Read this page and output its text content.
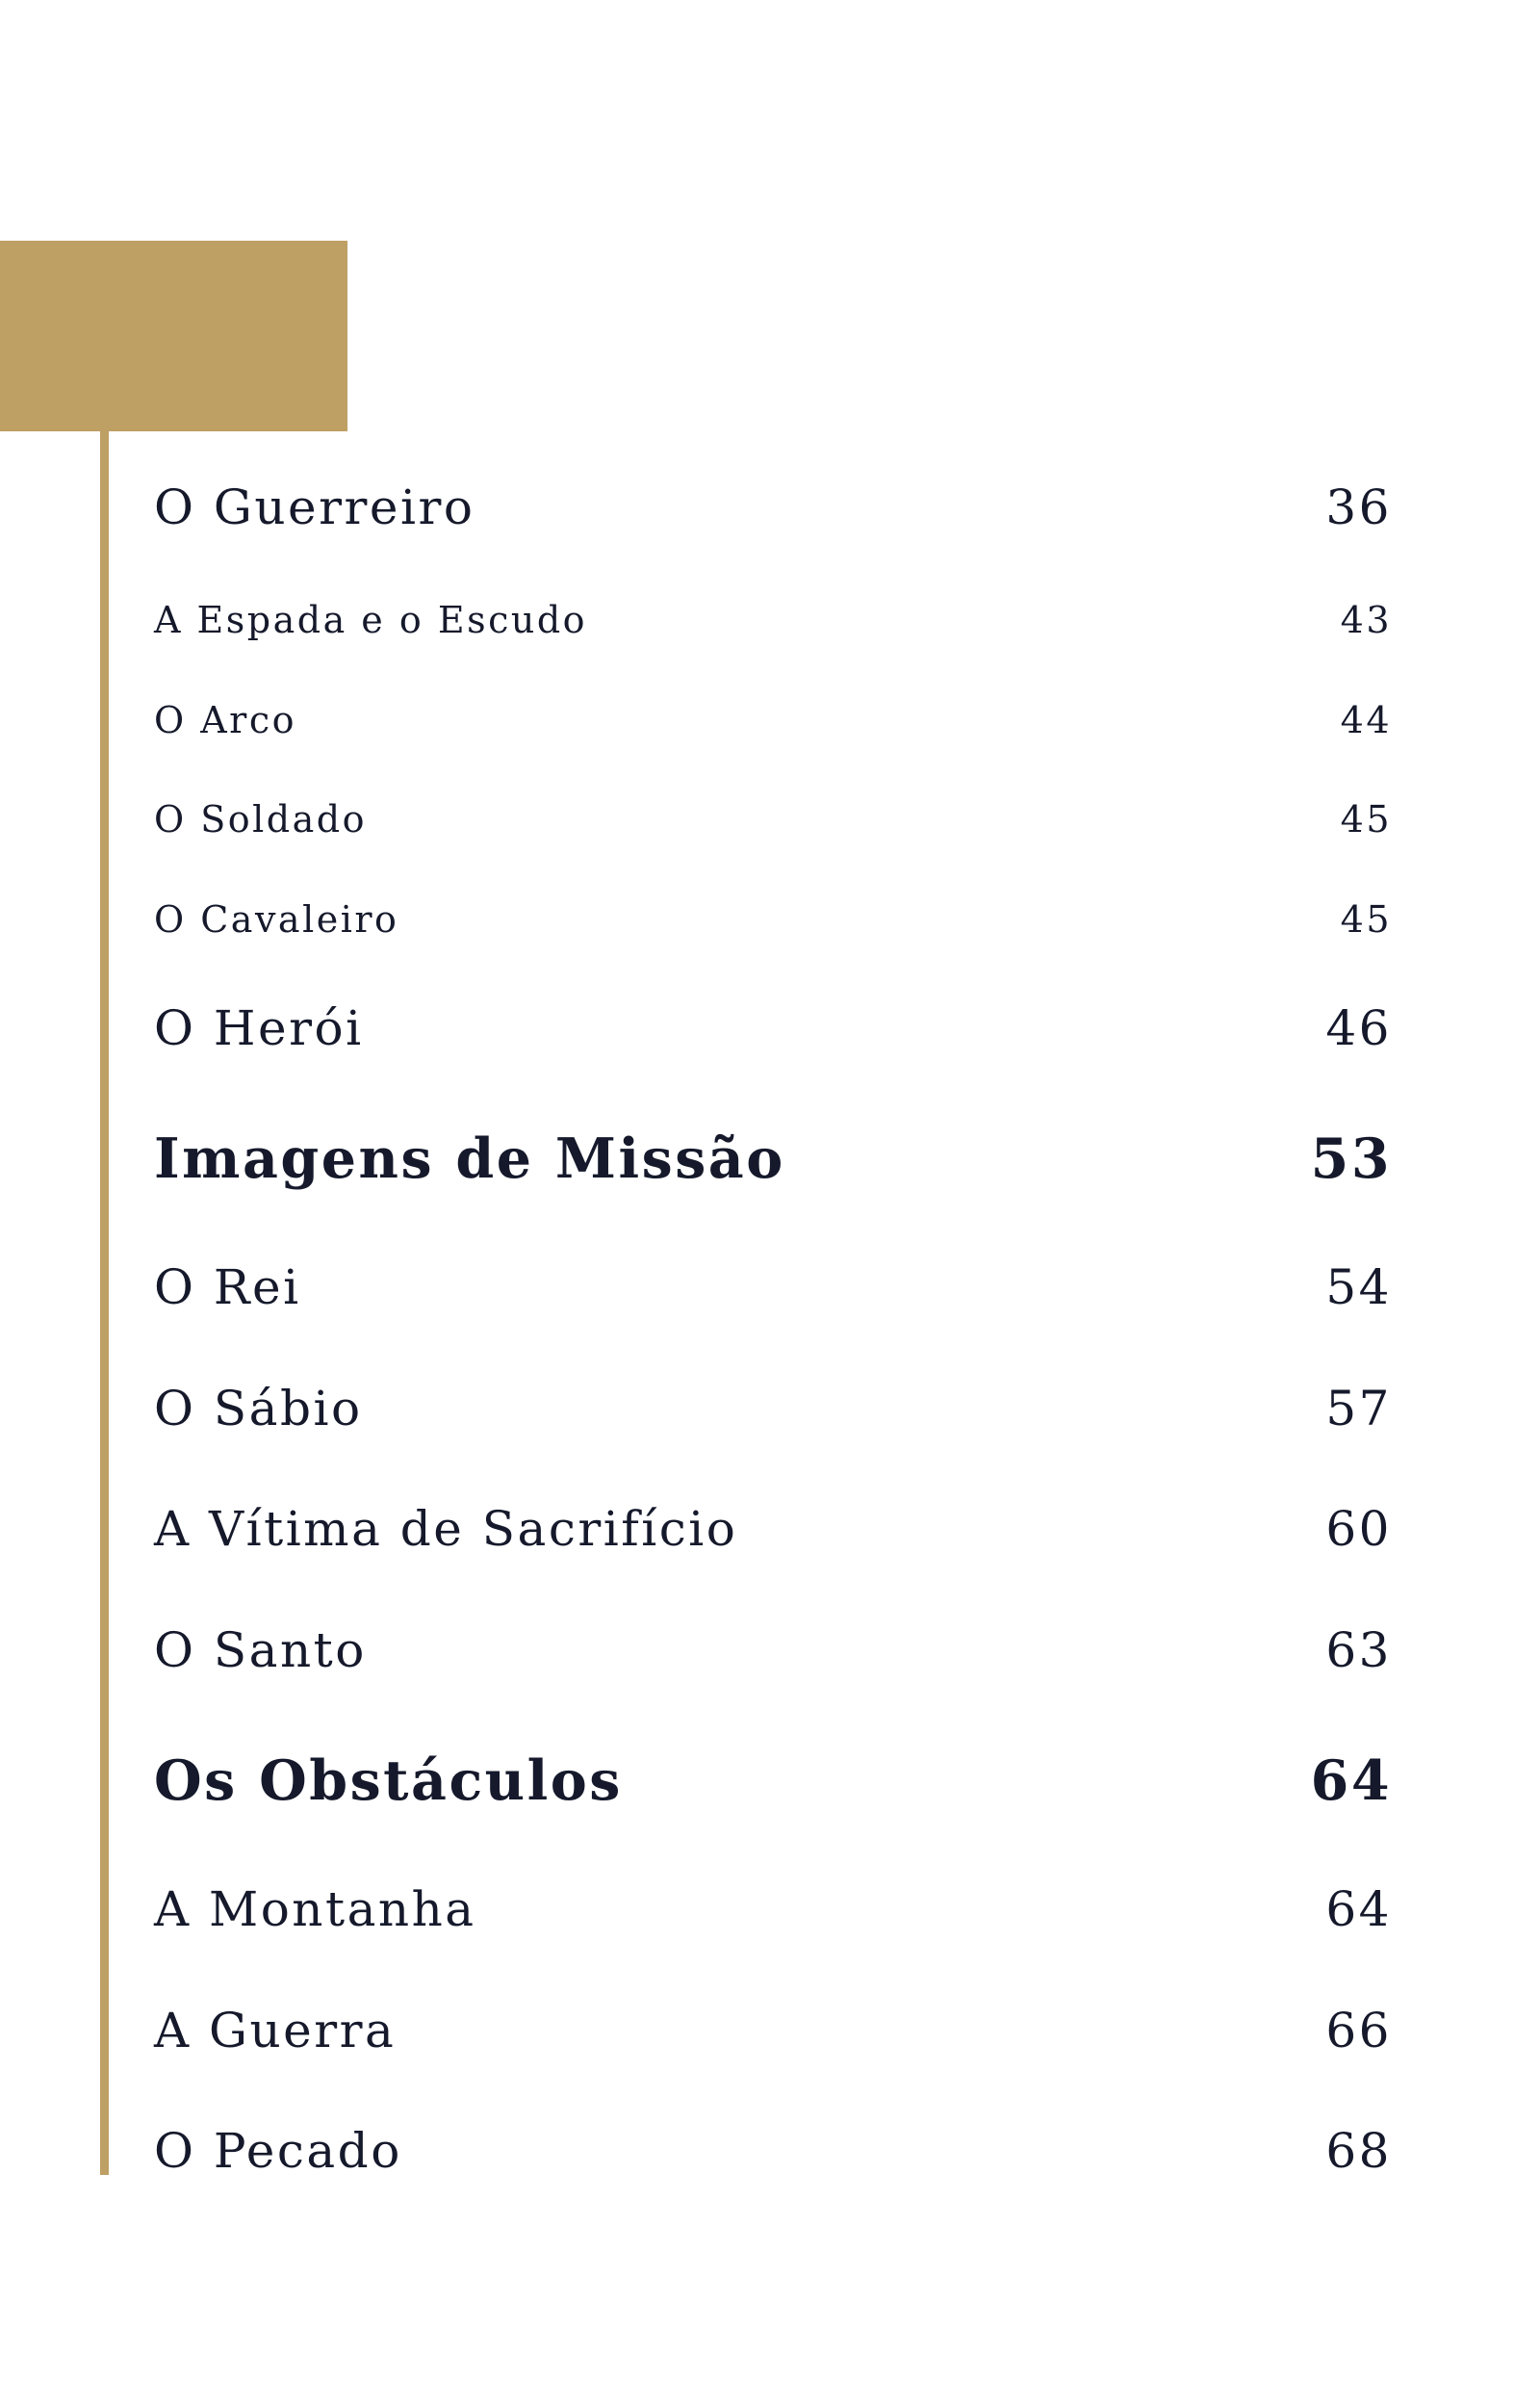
O Guerreiro	36
A Espada e o Escudo	43
O Arco	44
O Soldado	45
O Cavaleiro	45
O Herói	46
Imagens de Missão	53
O Rei	54
O Sábio	57
A Vítima de Sacrifício	60
O Santo	63
Os Obstáculos	64
A Montanha	64
A Guerra	66
O Pecado	68
